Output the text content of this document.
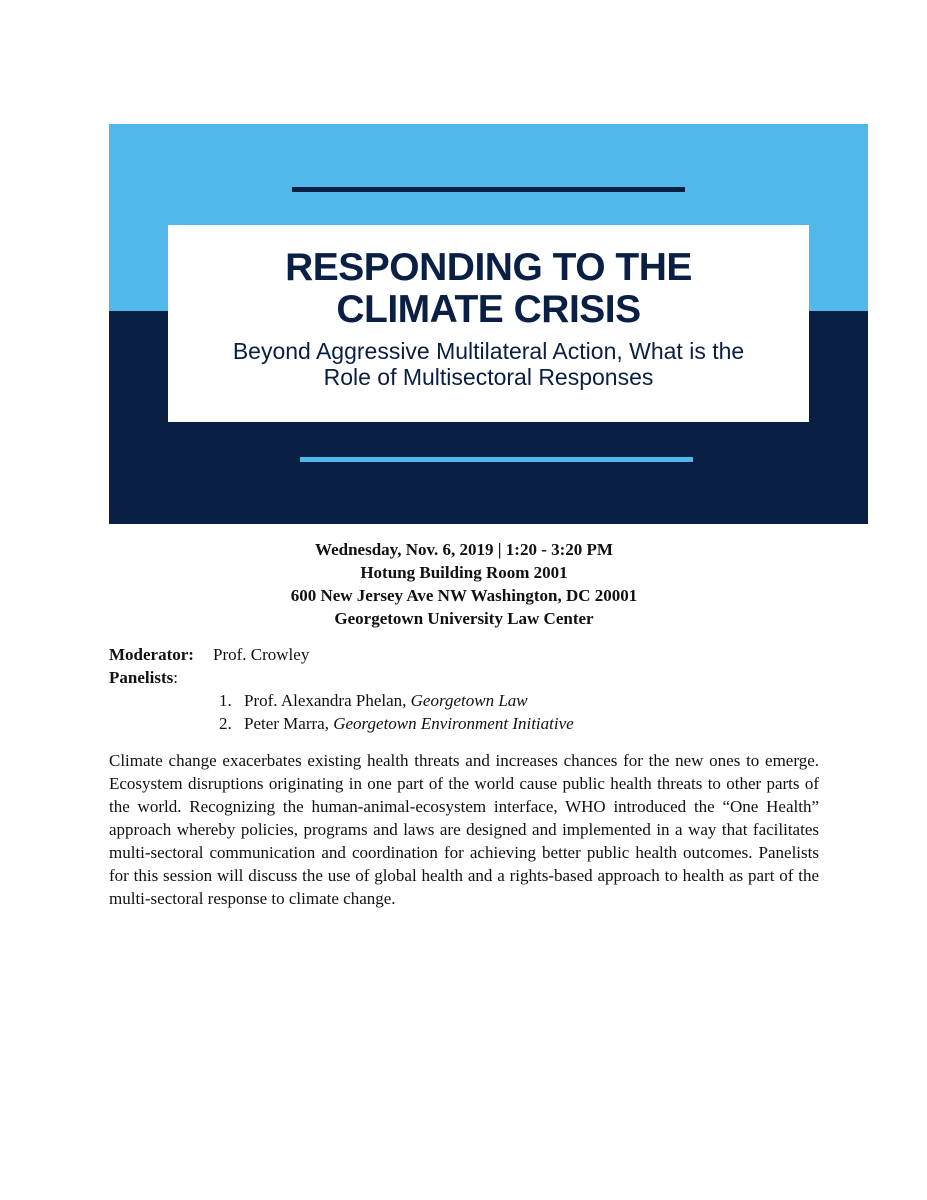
RESPONDING TO THE

CLIMATE CRISIS

Beyond Aggressive Multilateral Action, What is the

Role of Multisectoral Responses

Wednesday, Nov. 6, 2019 | 1:20 - 3:20 PM
Hotung Building Room 2001
600 New Jersey Ave NW Washington, DC 20001
Georgetown University Law Center
Moderator:	Prof. Crowley
Panelists:
1. Prof. Alexandra Phelan, Georgetown Law
2. Peter Marra, Georgetown Environment Initiative

Climate change exacerbates existing health threats and increases chances for the new ones to emerge. Ecosystem disruptions originating in one part of the world cause public health threats to other parts of the world. Recognizing the human-animal-ecosystem interface, WHO introduced the “One Health” approach whereby policies, programs and laws are designed and implemented in a way that facilitates multi-sectoral communication and coordination for achieving better public health outcomes. Panelists for this session will discuss the use of global health and a rights-based approach to health as part of the multi-sectoral response to climate change.
